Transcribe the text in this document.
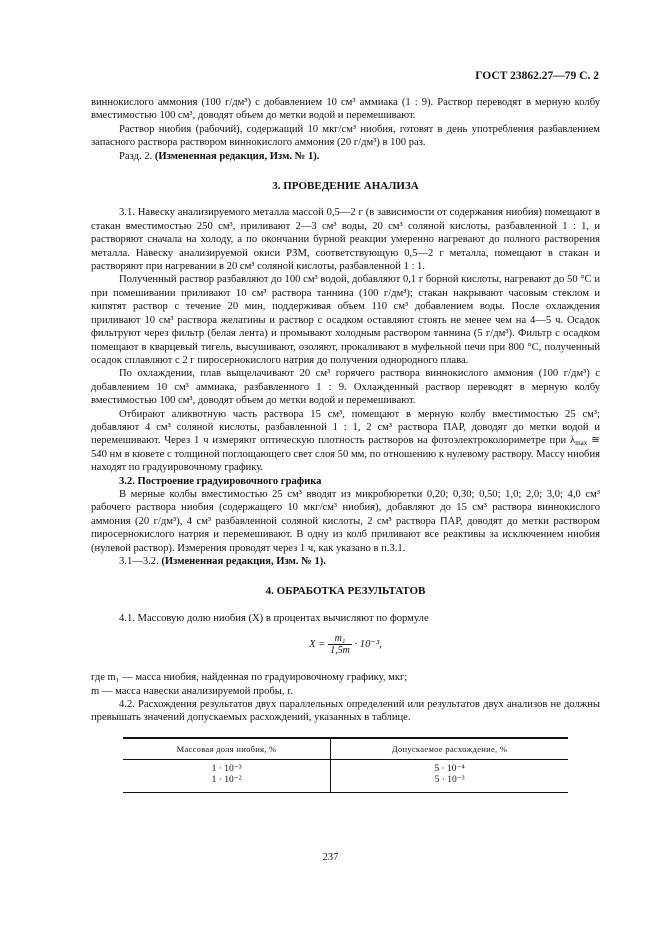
ГОСТ 23862.27—79 С. 2

виннокислого аммония (100 г/дм³) с добавлением 10 см³ аммиака (1 : 9). Раствор переводят в мерную колбу вместимостью 100 см³, доводят объем до метки водой и перемешивают.

Раствор ниобия (рабочий), содержащий 10 мкг/см³ ниобия, готовят в день употребления разбавлением запасного раствора раствором виннокислого аммония (20 г/дм³) в 100 раз.

Разд. 2. (Измененная редакция, Изм. № 1).

3. ПРОВЕДЕНИЕ АНАЛИЗА

3.1. Навеску анализируемого металла массой 0,5—2 г (в зависимости от содержания ниобия) помещают в стакан вместимостью 250 см³, приливают 2—3 см³ воды, 20 см³ соляной кислоты, разбавленной 1 : 1, и растворяют сначала на холоду, а по окончании бурной реакции умеренно нагревают до полного растворения металла. Навеску анализируемой окиси РЗМ, соответствующую 0,5—2 г металла, помещают в стакан и растворяют при нагревании в 20 см³ соляной кислоты, разбавленной 1 : 1.

Полученный раствор разбавляют до 100 см³ водой, добавляют 0,1 г борной кислоты, нагревают до 50 °С и при помешивании приливают 10 см³ раствора таннина (100 г/дм³); стакан накрывают часовым стеклом и кипятят раствор с течение 20 мин, поддерживая объем 110 см³ добавлением воды. После охлаждения приливают 10 см³ раствора желатины и раствор с осадком оставляют стоять не менее чем на 4—5 ч. Осадок фильтруют через фильтр (белая лента) и промывают холодным раствором таннина (5 г/дм³). Фильтр с осадком помещают в кварцевый тигель, высушивают, озоляют, прокаливают в муфельной печи при 800 °С, полученный осадок сплавляют с 2 г пиросернокислого натрия до получения однородного плава.

По охлаждении, плав выщелачивают 20 см³ горячего раствора виннокислого аммония (100 г/дм³) с добавлением 10 см³ аммиака, разбавленного 1 : 9. Охлажденный раствор переводят в мерную колбу вместимостью 100 см³, доводят объем до метки водой и перемешивают.

Отбирают аликвотную часть раствора 15 см³, помещают в мерную колбу вместимостью 25 см³; добавляют 4 см³ соляной кислоты, разбавленной 1 : 1, 2 см³ раствора ПАР, доводят до метки водой и перемешивают. Через 1 ч измеряют оптическую плотность растворов на фотоэлектроколориметре при $\lambda_{max}$ ≅ 540 нм в кювете с толщиной поглощающего свет слоя 50 мм, по отношению к нулевому раствору. Массу ниобия находят по градуировочному графику.

3.2. Построение градуировочного графика

В мерные колбы вместимостью 25 см³ вводят из микробюретки 0,20; 0,30; 0,50; 1,0; 2,0; 3,0; 4,0 см³ рабочего раствора ниобия (содержащего 10 мкг/см³ ниобия), добавляют до 15 см³ раствора виннокислого аммония (20 г/дм³), 4 см³ разбавленной соляной кислоты, 2 см³ раствора ПАР, доводят до метки раствором пиросернокислого натрия и перемешивают. В одну из колб приливают все реактивы за исключением ниобия (нулевой раствор). Измерения проводят через 1 ч, как указано в п.3.1.

3.1—3.2. (Измененная редакция, Изм. № 1).

4. ОБРАБОТКА РЕЗУЛЬТАТОВ

4.1. Массовую долю ниобия (X) в процентах вычисляют по формуле

$X = \frac{\text{m₁}}{1,5m} \cdot 10^{-3}$,

где m₁ — масса ниобия, найденная по градуировочному графику, мкг;

m — масса навески анализируемой пробы, г.

4.2. Расхождения результатов двух параллельных определений или результатов двух анализов не должны превышать значений допускаемых расхождений, указанных в таблице.

Массовая доля ниобия, %	Допускаемое расхождение, %
1 · 10⁻³	5 · 10⁻⁴
1 · 10⁻²	5 · 10⁻³
237
